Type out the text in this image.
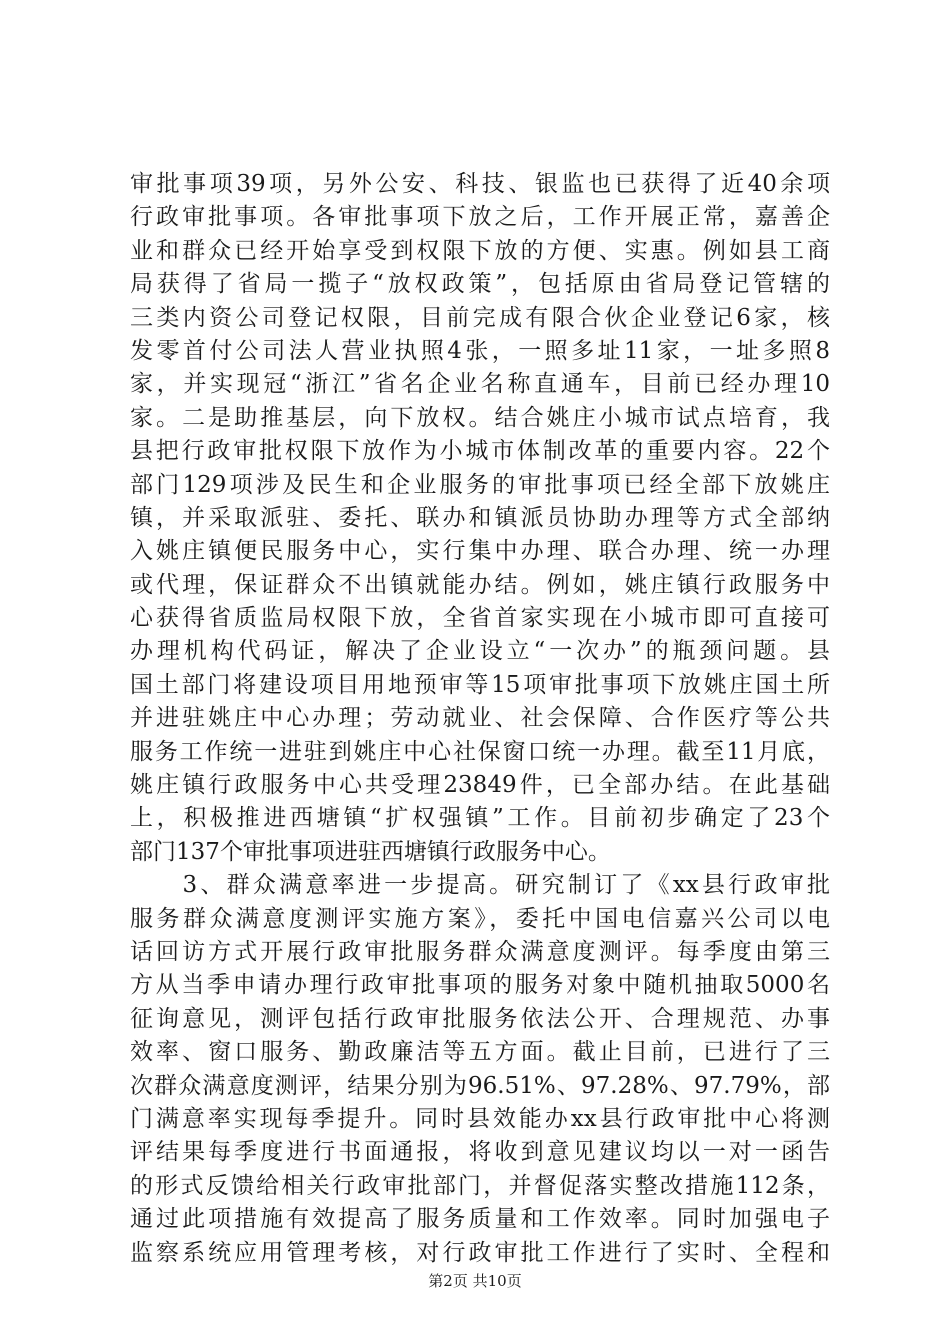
审批事项39项，另外公安、科技、银监也已获得了近40余项
行政审批事项。各审批事项下放之后，工作开展正常，嘉善企
业和群众已经开始享受到权限下放的方便、实惠。例如县工商
局获得了省局一揽子“放权政策”，包括原由省局登记管辖的
三类内资公司登记权限，目前完成有限合伙企业登记6家，核
发零首付公司法人营业执照4张，一照多址11家，一址多照8
家，并实现冠“浙江”省名企业名称直通车，目前已经办理10
家。二是助推基层，向下放权。结合姚庄小城市试点培育，我
县把行政审批权限下放作为小城市体制改革的重要内容。22个
部门129项涉及民生和企业服务的审批事项已经全部下放姚庄
镇，并采取派驻、委托、联办和镇派员协助办理等方式全部纳
入姚庄镇便民服务中心，实行集中办理、联合办理、统一办理
或代理，保证群众不出镇就能办结。例如，姚庄镇行政服务中
心获得省质监局权限下放，全省首家实现在小城市即可直接可
办理机构代码证，解决了企业设立“一次办”的瓶颈问题。县
国土部门将建设项目用地预审等15项审批事项下放姚庄国土所
并进驻姚庄中心办理；劳动就业、社会保障、合作医疗等公共
服务工作统一进驻到姚庄中心社保窗口统一办理。截至11月底，
姚庄镇行政服务中心共受理23849件，已全部办结。在此基础
上，积极推进西塘镇“扩权强镇”工作。目前初步确定了23个
部门137个审批事项进驻西塘镇行政服务中心。
　　3、群众满意率进一步提高。研究制订了《xx县行政审批
服务群众满意度测评实施方案》，委托中国电信嘉兴公司以电
话回访方式开展行政审批服务群众满意度测评。每季度由第三
方从当季申请办理行政审批事项的服务对象中随机抽取5000名
征询意见，测评包括行政审批服务依法公开、合理规范、办事
效率、窗口服务、勤政廉洁等五方面。截止目前，已进行了三
次群众满意度测评，结果分别为96.51%、97.28%、97.79%，部
门满意率实现每季提升。同时县效能办xx县行政审批中心将测
评结果每季度进行书面通报，将收到意见建议均以一对一函告
的形式反馈给相关行政审批部门，并督促落实整改措施112条，
通过此项措施有效提高了服务质量和工作效率。同时加强电子
监察系统应用管理考核，对行政审批工作进行了实时、全程和
第2页 共10页
